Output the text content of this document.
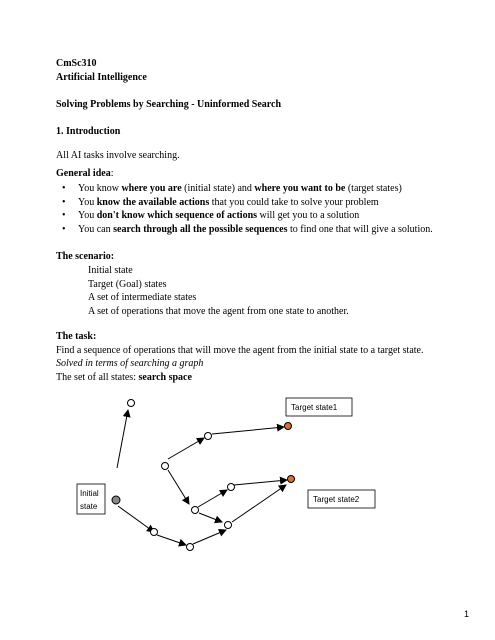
CmSc310
Artificial Intelligence
Solving Problems by Searching - Uninformed Search
1. Introduction
All AI tasks involve searching.
General idea:
• You know where you are (initial state) and where you want to be (target states)
• You know the available actions that you could take to solve your problem
• You don't know which sequence of actions will get you to a solution
• You can search through all the possible sequences to find one that will give a solution.
The scenario:
Initial state
Target (Goal) states
A set of intermediate states
A set of operations that move the agent from one state to another.
The task:
Find a sequence of operations that will move the agent from the initial state to a target state.
Solved in terms of searching a graph
The set of all states: search space
Target state1
Target state2
Initial
state
1
